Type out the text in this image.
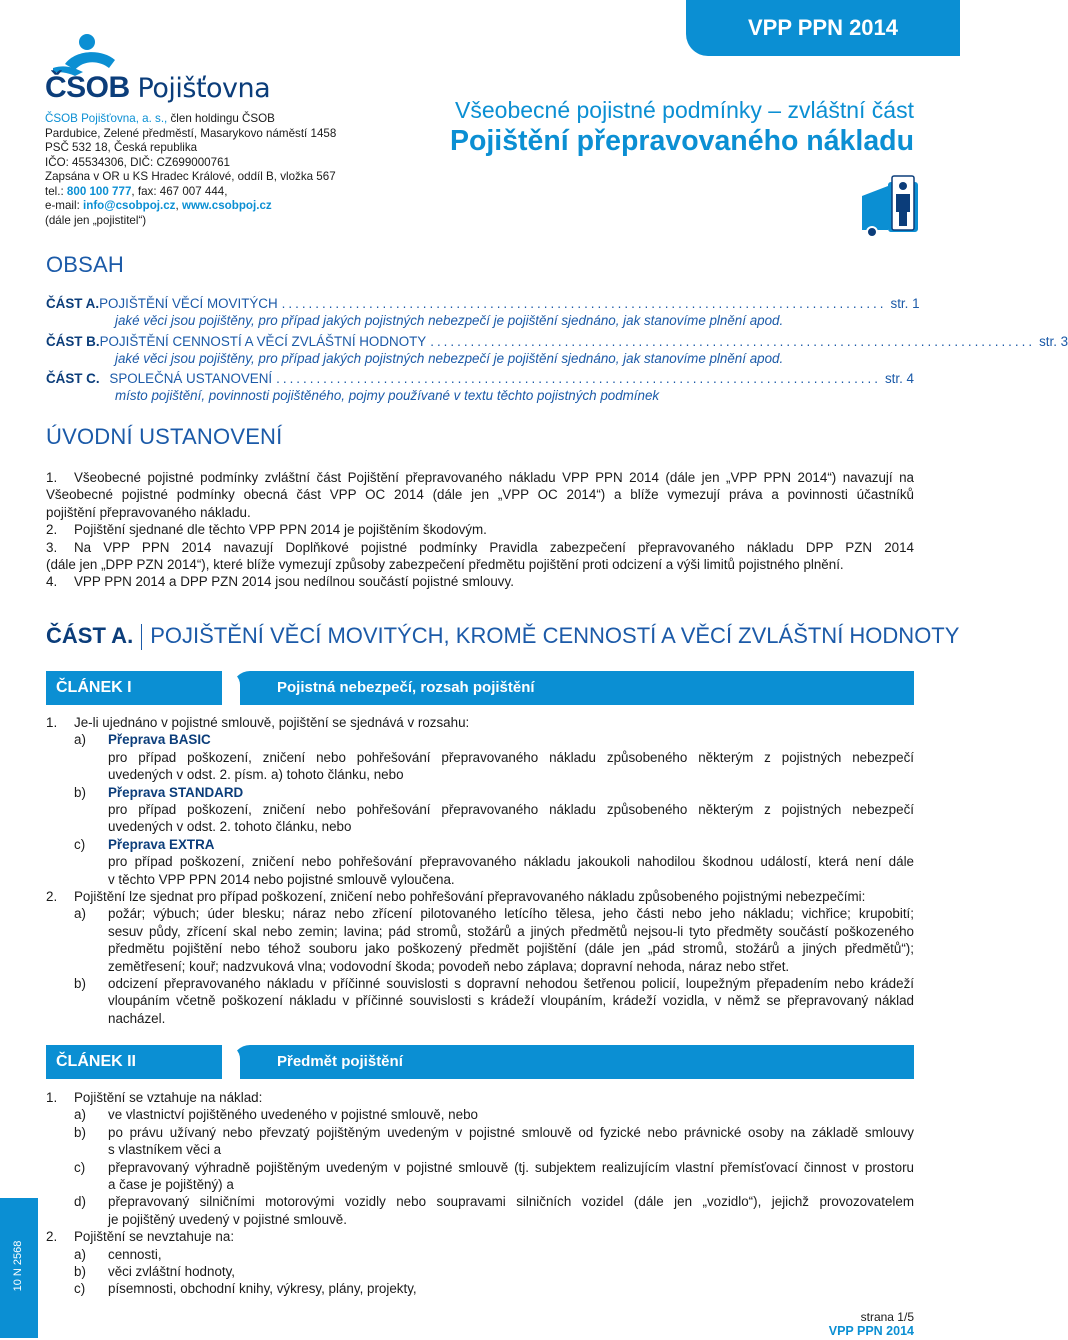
VPP PPN 2014
ČSOB Pojišťovna
ČSOB Pojišťovna, a. s., člen holdingu ČSOB
Pardubice, Zelené předměstí, Masarykovo náměstí 1458
PSČ 532 18, Česká republika
IČO: 45534306, DIČ: CZ699000761
Zapsána v OR u KS Hradec Králové, oddíl B, vložka 567
tel.: 800 100 777, fax: 467 007 444,
e-mail: info@csobpoj.cz, www.csobpoj.cz
(dále jen „pojistitel“)
Všeobecné pojistné podmínky – zvláštní část
Pojištění přepravovaného nákladu
OBSAH
ČÁST A. POJIŠTĚNÍ VĚCÍ MOVITÝCH .......................................................................................... str. 1
jaké věci jsou pojištěny, pro případ jakých pojistných nebezpečí je pojištění sjednáno, jak stanovíme plnění apod.
ČÁST B. POJIŠTĚNÍ CENNOSTÍ A VĚCÍ ZVLÁŠTNÍ HODNOTY .......................................................................................... str. 3
jaké věci jsou pojištěny, pro případ jakých pojistných nebezpečí je pojištění sjednáno, jak stanovíme plnění apod.
ČÁST C. SPOLEČNÁ USTANOVENÍ .......................................................................................... str. 4
místo pojištění, povinnosti pojištěného, pojmy používané v textu těchto pojistných podmínek
ÚVODNÍ USTANOVENÍ
1. Všeobecné pojistné podmínky zvláštní část Pojištění přepravovaného nákladu VPP PPN 2014 (dále jen „VPP PPN 2014“) navazují na
Všeobecné pojistné podmínky obecná část VPP OC 2014 (dále jen „VPP OC 2014“) a blíže vymezují práva a povinnosti účastníků
pojištění přepravovaného nákladu.
2. Pojištění sjednané dle těchto VPP PPN 2014 je pojištěním škodovým.
3. Na VPP PPN 2014 navazují Doplňkové pojistné podmínky Pravidla zabezpečení přepravovaného nákladu DPP PZN 2014
(dále jen „DPP PZN 2014“), které blíže vymezují způsoby zabezpečení předmětu pojištění proti odcizení a výši limitů pojistného plnění.
4. VPP PPN 2014 a DPP PZN 2014 jsou nedílnou součástí pojistné smlouvy.
ČÁST A. POJIŠTĚNÍ VĚCÍ MOVITÝCH, KROMĚ CENNOSTÍ A VĚCÍ ZVLÁŠTNÍ HODNOTY
ČLÁNEK I	Pojistná nebezpečí, rozsah pojištění
1. Je-li ujednáno v pojistné smlouvě, pojištění se sjednává v rozsahu:
a) Přeprava BASIC
pro případ poškození, zničení nebo pohřešování přepravovaného nákladu způsobeného některým z pojistných nebezpečí
uvedených v odst. 2. písm. a) tohoto článku, nebo
b) Přeprava STANDARD
pro případ poškození, zničení nebo pohřešování přepravovaného nákladu způsobeného některým z pojistných nebezpečí
uvedených v odst. 2. tohoto článku, nebo
c) Přeprava EXTRA
pro případ poškození, zničení nebo pohřešování přepravovaného nákladu jakoukoli nahodilou škodnou událostí, která není dále
v těchto VPP PPN 2014 nebo pojistné smlouvě vyloučena.
2. Pojištění lze sjednat pro případ poškození, zničení nebo pohřešování přepravovaného nákladu způsobeného pojistnými nebezpečími:
a) požár; výbuch; úder blesku; náraz nebo zřícení pilotovaného letícího tělesa, jeho části nebo jeho nákladu; vichřice; krupobití;
sesuv půdy, zřícení skal nebo zemin; lavina; pád stromů, stožárů a jiných předmětů nejsou-li tyto předměty součástí poškozeného
předmětu pojištění nebo téhož souboru jako poškozený předmět pojištění (dále jen „pád stromů, stožárů a jiných předmětů“);
zemětřesení; kouř; nadzvuková vlna; vodovodní škoda; povodeň nebo záplava; dopravní nehoda, náraz nebo střet.
b) odcizení přepravovaného nákladu v příčinné souvislosti s dopravní nehodou šetřenou policií, loupežným přepadením nebo krádeží
vloupáním včetně poškození nákladu v příčinné souvislosti s krádeží vloupáním, krádeží vozidla, v němž se přepravovaný náklad
nacházel.
ČLÁNEK II	Předmět pojištění
1. Pojištění se vztahuje na náklad:
a) ve vlastnictví pojištěného uvedeného v pojistné smlouvě, nebo
b) po právu užívaný nebo převzatý pojištěným uvedeným v pojistné smlouvě od fyzické nebo právnické osoby na základě smlouvy
s vlastníkem věci a
c) přepravovaný výhradně pojištěným uvedeným v pojistné smlouvě (tj. subjektem realizujícím vlastní přemísťovací činnost v prostoru
a čase je pojištěný) a
d) přepravovaný silničními motorovými vozidly nebo soupravami silničních vozidel (dále jen „vozidlo“), jejichž provozovatelem
je pojištěný uvedený v pojistné smlouvě.
2. Pojištění se nevztahuje na:
a) cennosti,
b) věci zvláštní hodnoty,
c) písemnosti, obchodní knihy, výkresy, plány, projekty,
10 N 2568
strana 1/5
VPP PPN 2014
